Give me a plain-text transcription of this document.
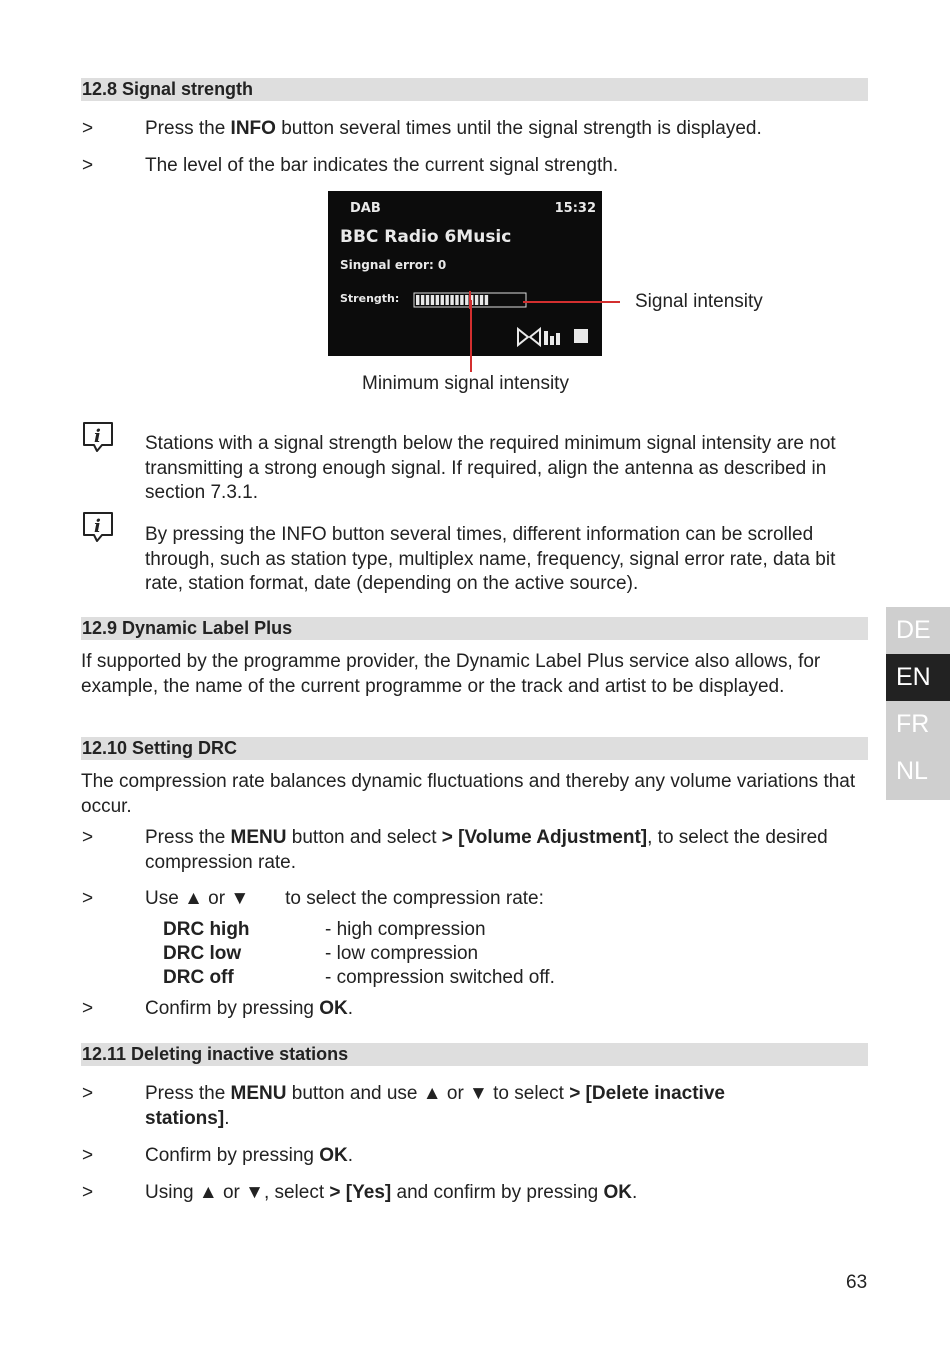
12.8 Signal strength
>	Press the INFO button several times until the signal strength is displayed.
>	The level of the bar indicates the current signal strength.
DAB	15:32
BBC Radio 6Music
Singnal error: 0
Strength:	Signal intensity
Minimum signal intensity
i Stations with a signal strength below the required minimum signal intensity are not transmitting a strong enough signal. If required, align the antenna as described in section 7.3.1.
i By pressing the INFO button several times, different information can be scrolled through, such as station type, multiplex name, frequency, signal error rate, data bit rate, station format, date (depending on the active source).
12.9 Dynamic Label Plus
If supported by the programme provider, the Dynamic Label Plus service also allows, for example, the name of the current programme or the track and artist to be displayed.
12.10 Setting DRC
The compression rate balances dynamic fluctuations and thereby any volume variations that occur.
>	Press the MENU button and select > [Volume Adjustment], to select the desired compression rate.
>	Use ▲ or ▼ to select the compression rate:
DRC high	- high compression
DRC low	- low compression
DRC off	- compression switched off.
>	Confirm by pressing OK.
12.11 Deleting inactive stations
>	Press the MENU button and use ▲ or ▼ to select > [Delete inactive
stations].
>	Confirm by pressing OK.
>	Using ▲ or ▼, select > [Yes] and confirm by pressing OK.
DE
EN
FR
NL
63
